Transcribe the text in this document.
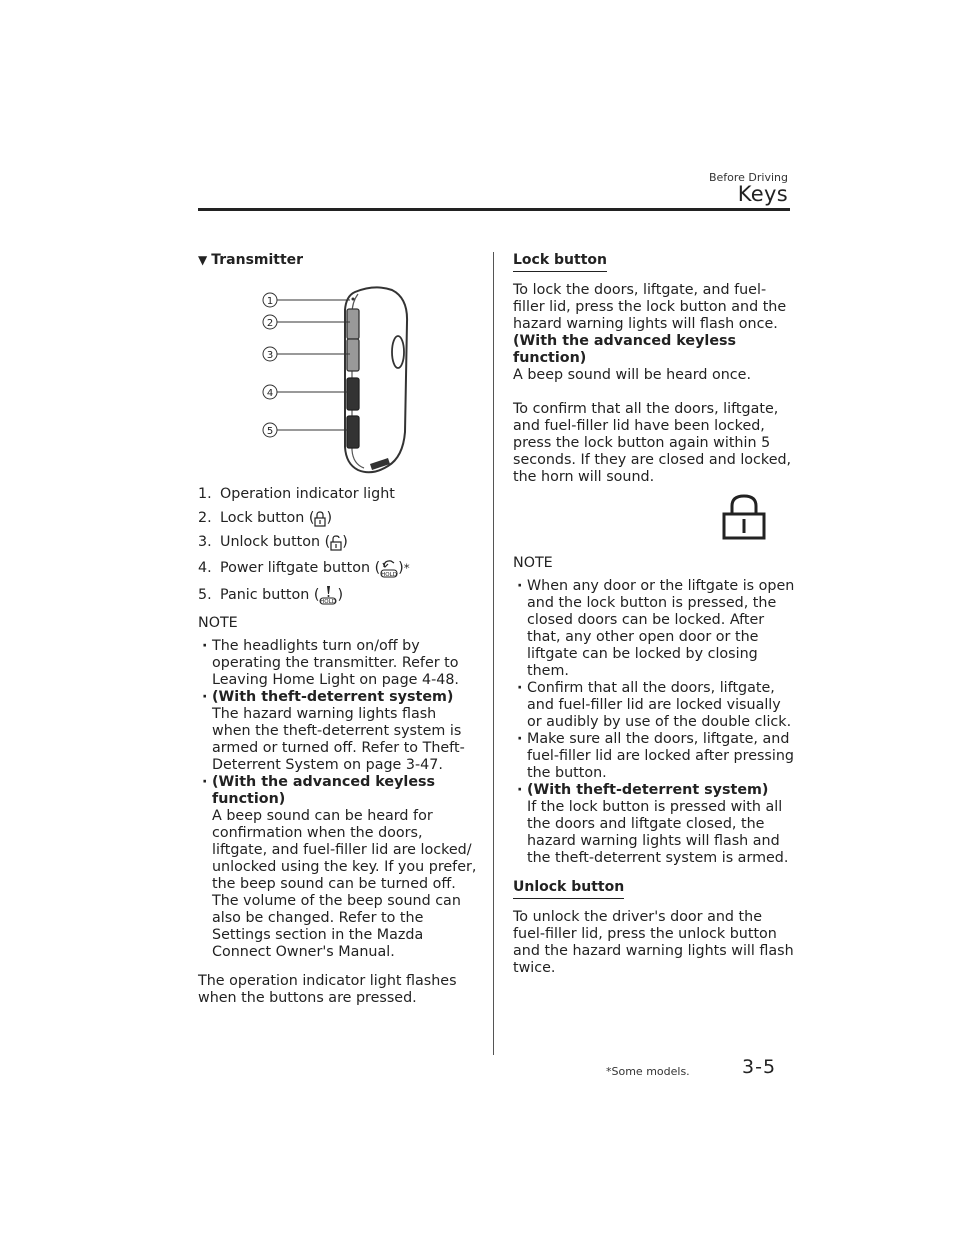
Before Driving
Keys
▼ Transmitter
1
2
3
4
5
1. Operation indicator light
2. Lock button ( )
3. Unlock button ( )
4. Power liftgate button ( HOLD ) *
5. Panic button ( HOLD )
NOTE
· The headlights turn on/off by operating the transmitter. Refer to Leaving Home Light on page 4-48.
· (With theft-deterrent system)
The hazard warning lights flash when the theft-deterrent system is armed or turned off. Refer to Theft-Deterrent System on page 3-47.
· (With the advanced keyless function)
A beep sound can be heard for confirmation when the doors, liftgate, and fuel-filler lid are locked/ unlocked using the key. If you prefer, the beep sound can be turned off. The volume of the beep sound can also be changed. Refer to the Settings section in the Mazda Connect Owner's Manual.
The operation indicator light flashes when the buttons are pressed.
Lock button
To lock the doors, liftgate, and fuel-filler lid, press the lock button and the hazard warning lights will flash once.
(With the advanced keyless function)
A beep sound will be heard once.
To confirm that all the doors, liftgate, and fuel-filler lid have been locked, press the lock button again within 5 seconds. If they are closed and locked, the horn will sound.
NOTE
· When any door or the liftgate is open and the lock button is pressed, the closed doors can be locked. After that, any other open door or the liftgate can be locked by closing them.
· Confirm that all the doors, liftgate, and fuel-filler lid are locked visually or audibly by use of the double click.
· Make sure all the doors, liftgate, and fuel-filler lid are locked after pressing the button.
· (With theft-deterrent system)
If the lock button is pressed with all the doors and liftgate closed, the hazard warning lights will flash and the theft-deterrent system is armed.
Unlock button
To unlock the driver's door and the fuel-filler lid, press the unlock button and the hazard warning lights will flash twice.
*Some models.	3-5
